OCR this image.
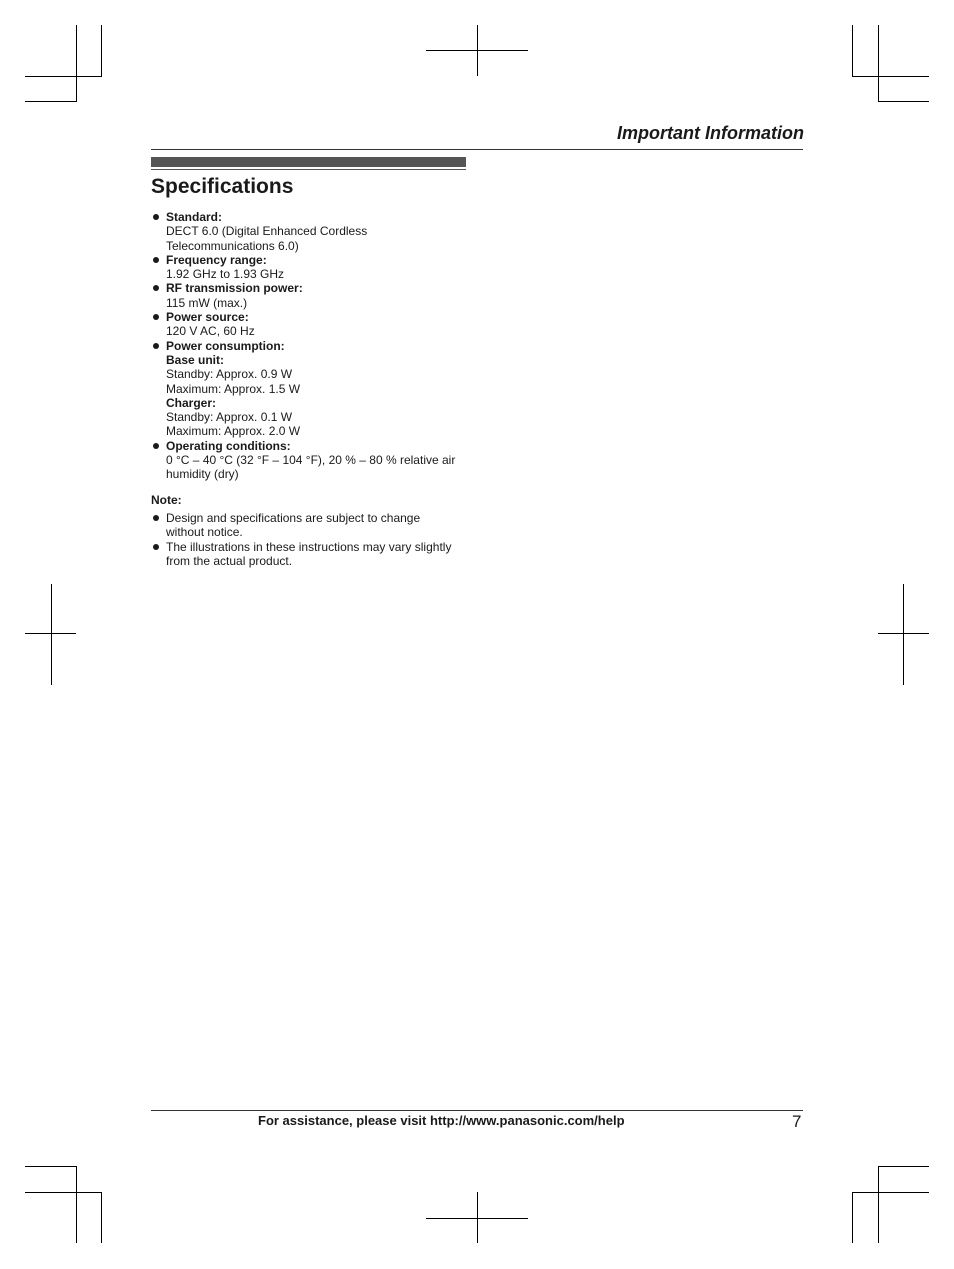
Important Information
Specifications
Standard:
DECT 6.0 (Digital Enhanced Cordless
Telecommunications 6.0)
Frequency range:
1.92 GHz to 1.93 GHz
RF transmission power:
115 mW (max.)
Power source:
120 V AC, 60 Hz
Power consumption:
Base unit:
Standby: Approx. 0.9 W
Maximum: Approx. 1.5 W
Charger:
Standby: Approx. 0.1 W
Maximum: Approx. 2.0 W
Operating conditions:
0 °C – 40 °C (32 °F – 104 °F), 20 % – 80 % relative air
humidity (dry)
Note:
Design and specifications are subject to change
without notice.
The illustrations in these instructions may vary slightly
from the actual product.
For assistance, please visit http://www.panasonic.com/help	7
